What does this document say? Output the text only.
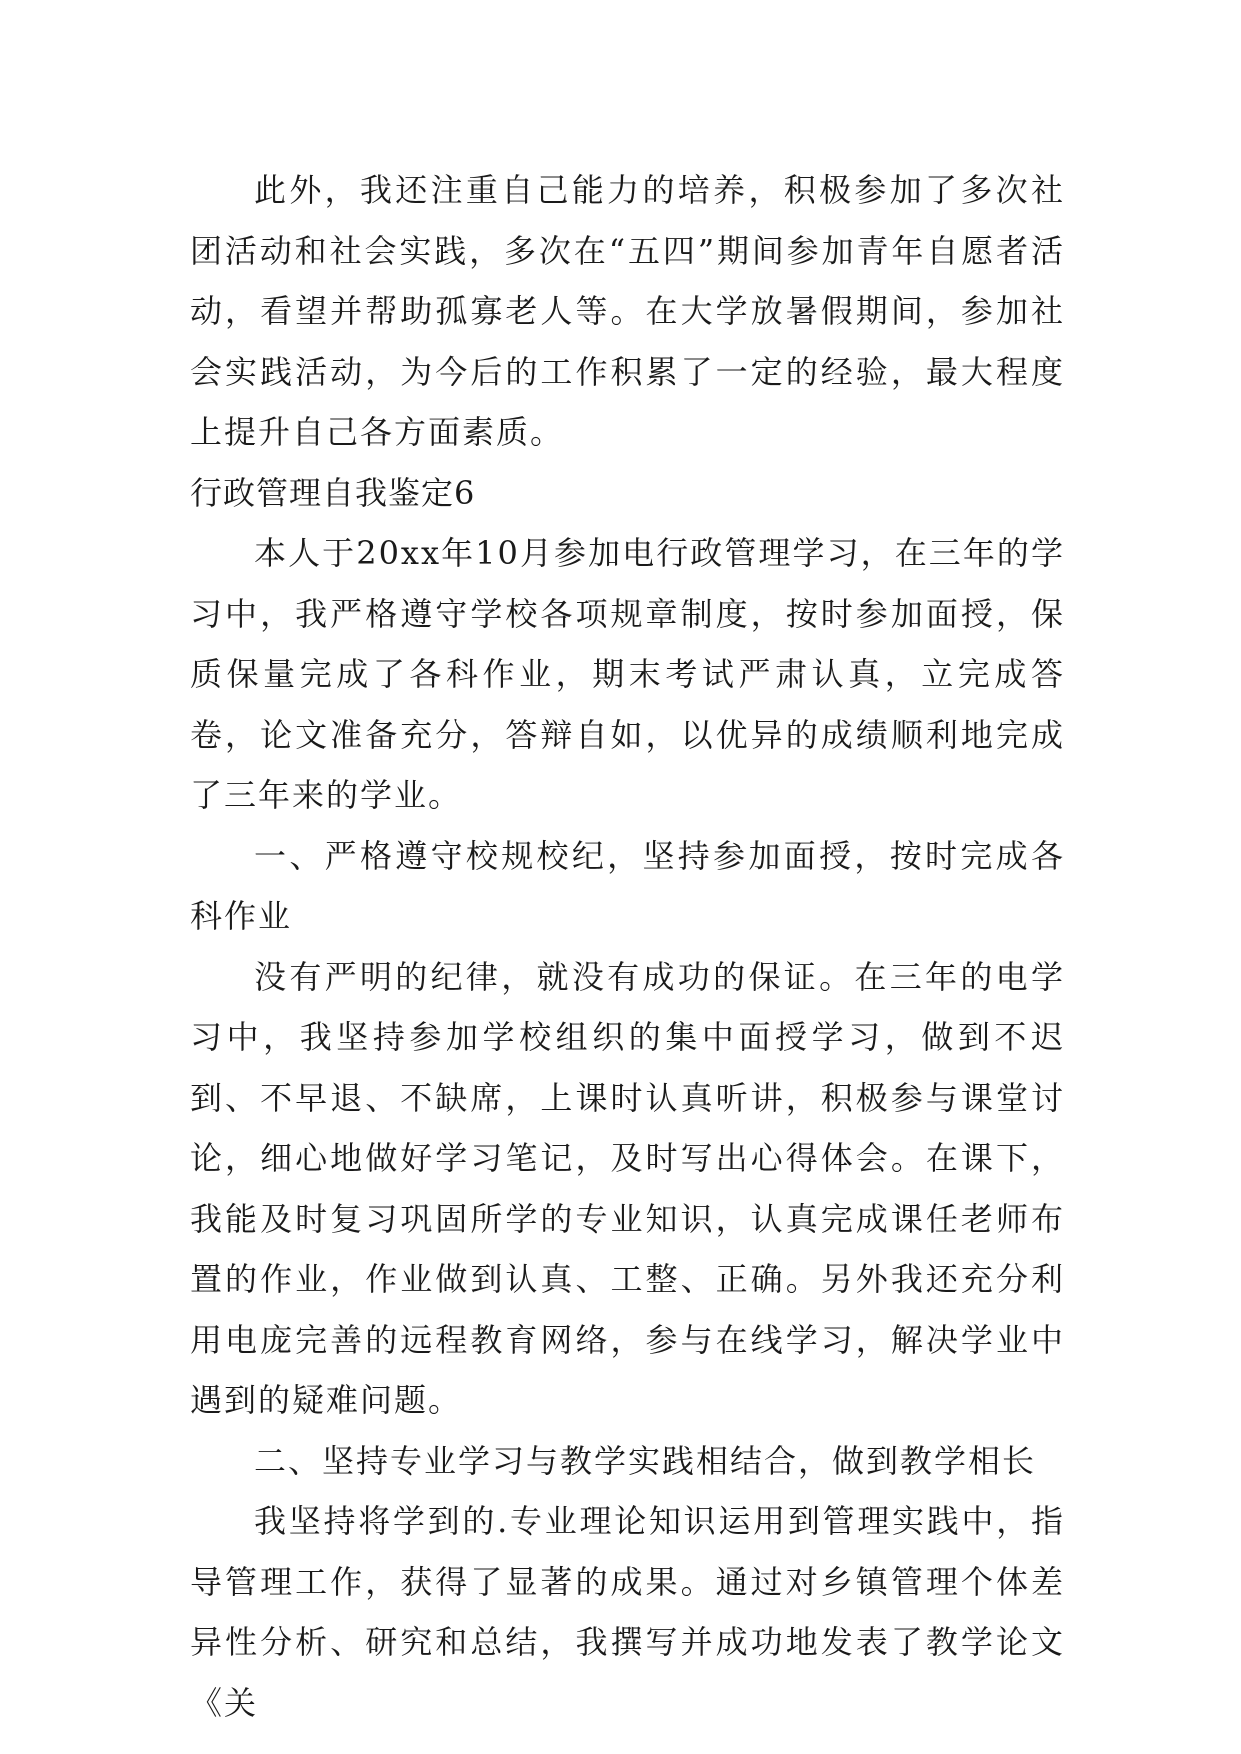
此外，我还注重自己能力的培养，积极参加了多次社团活动和社会实践，多次在“五四”期间参加青年自愿者活动，看望并帮助孤寡老人等。在大学放暑假期间，参加社会实践活动，为今后的工作积累了一定的经验，最大程度上提升自己各方面素质。

行政管理自我鉴定6

本人于20xx年10月参加电行政管理学习，在三年的学习中，我严格遵守学校各项规章制度，按时参加面授，保质保量完成了各科作业，期末考试严肃认真，立完成答卷，论文准备充分，答辩自如，以优异的成绩顺利地完成了三年来的学业。

一、严格遵守校规校纪，坚持参加面授，按时完成各科作业

没有严明的纪律，就没有成功的保证。在三年的电学习中，我坚持参加学校组织的集中面授学习，做到不迟到、不早退、不缺席，上课时认真听讲，积极参与课堂讨论，细心地做好学习笔记，及时写出心得体会。在课下，我能及时复习巩固所学的专业知识，认真完成课任老师布置的作业，作业做到认真、工整、正确。另外我还充分利用电庞完善的远程教育网络，参与在线学习，解决学业中遇到的疑难问题。

二、坚持专业学习与教学实践相结合，做到教学相长

我坚持将学到的.专业理论知识运用到管理实践中，指导管理工作，获得了显著的成果。通过对乡镇管理个体差异性分析、研究和总结，我撰写并成功地发表了教学论文《关
